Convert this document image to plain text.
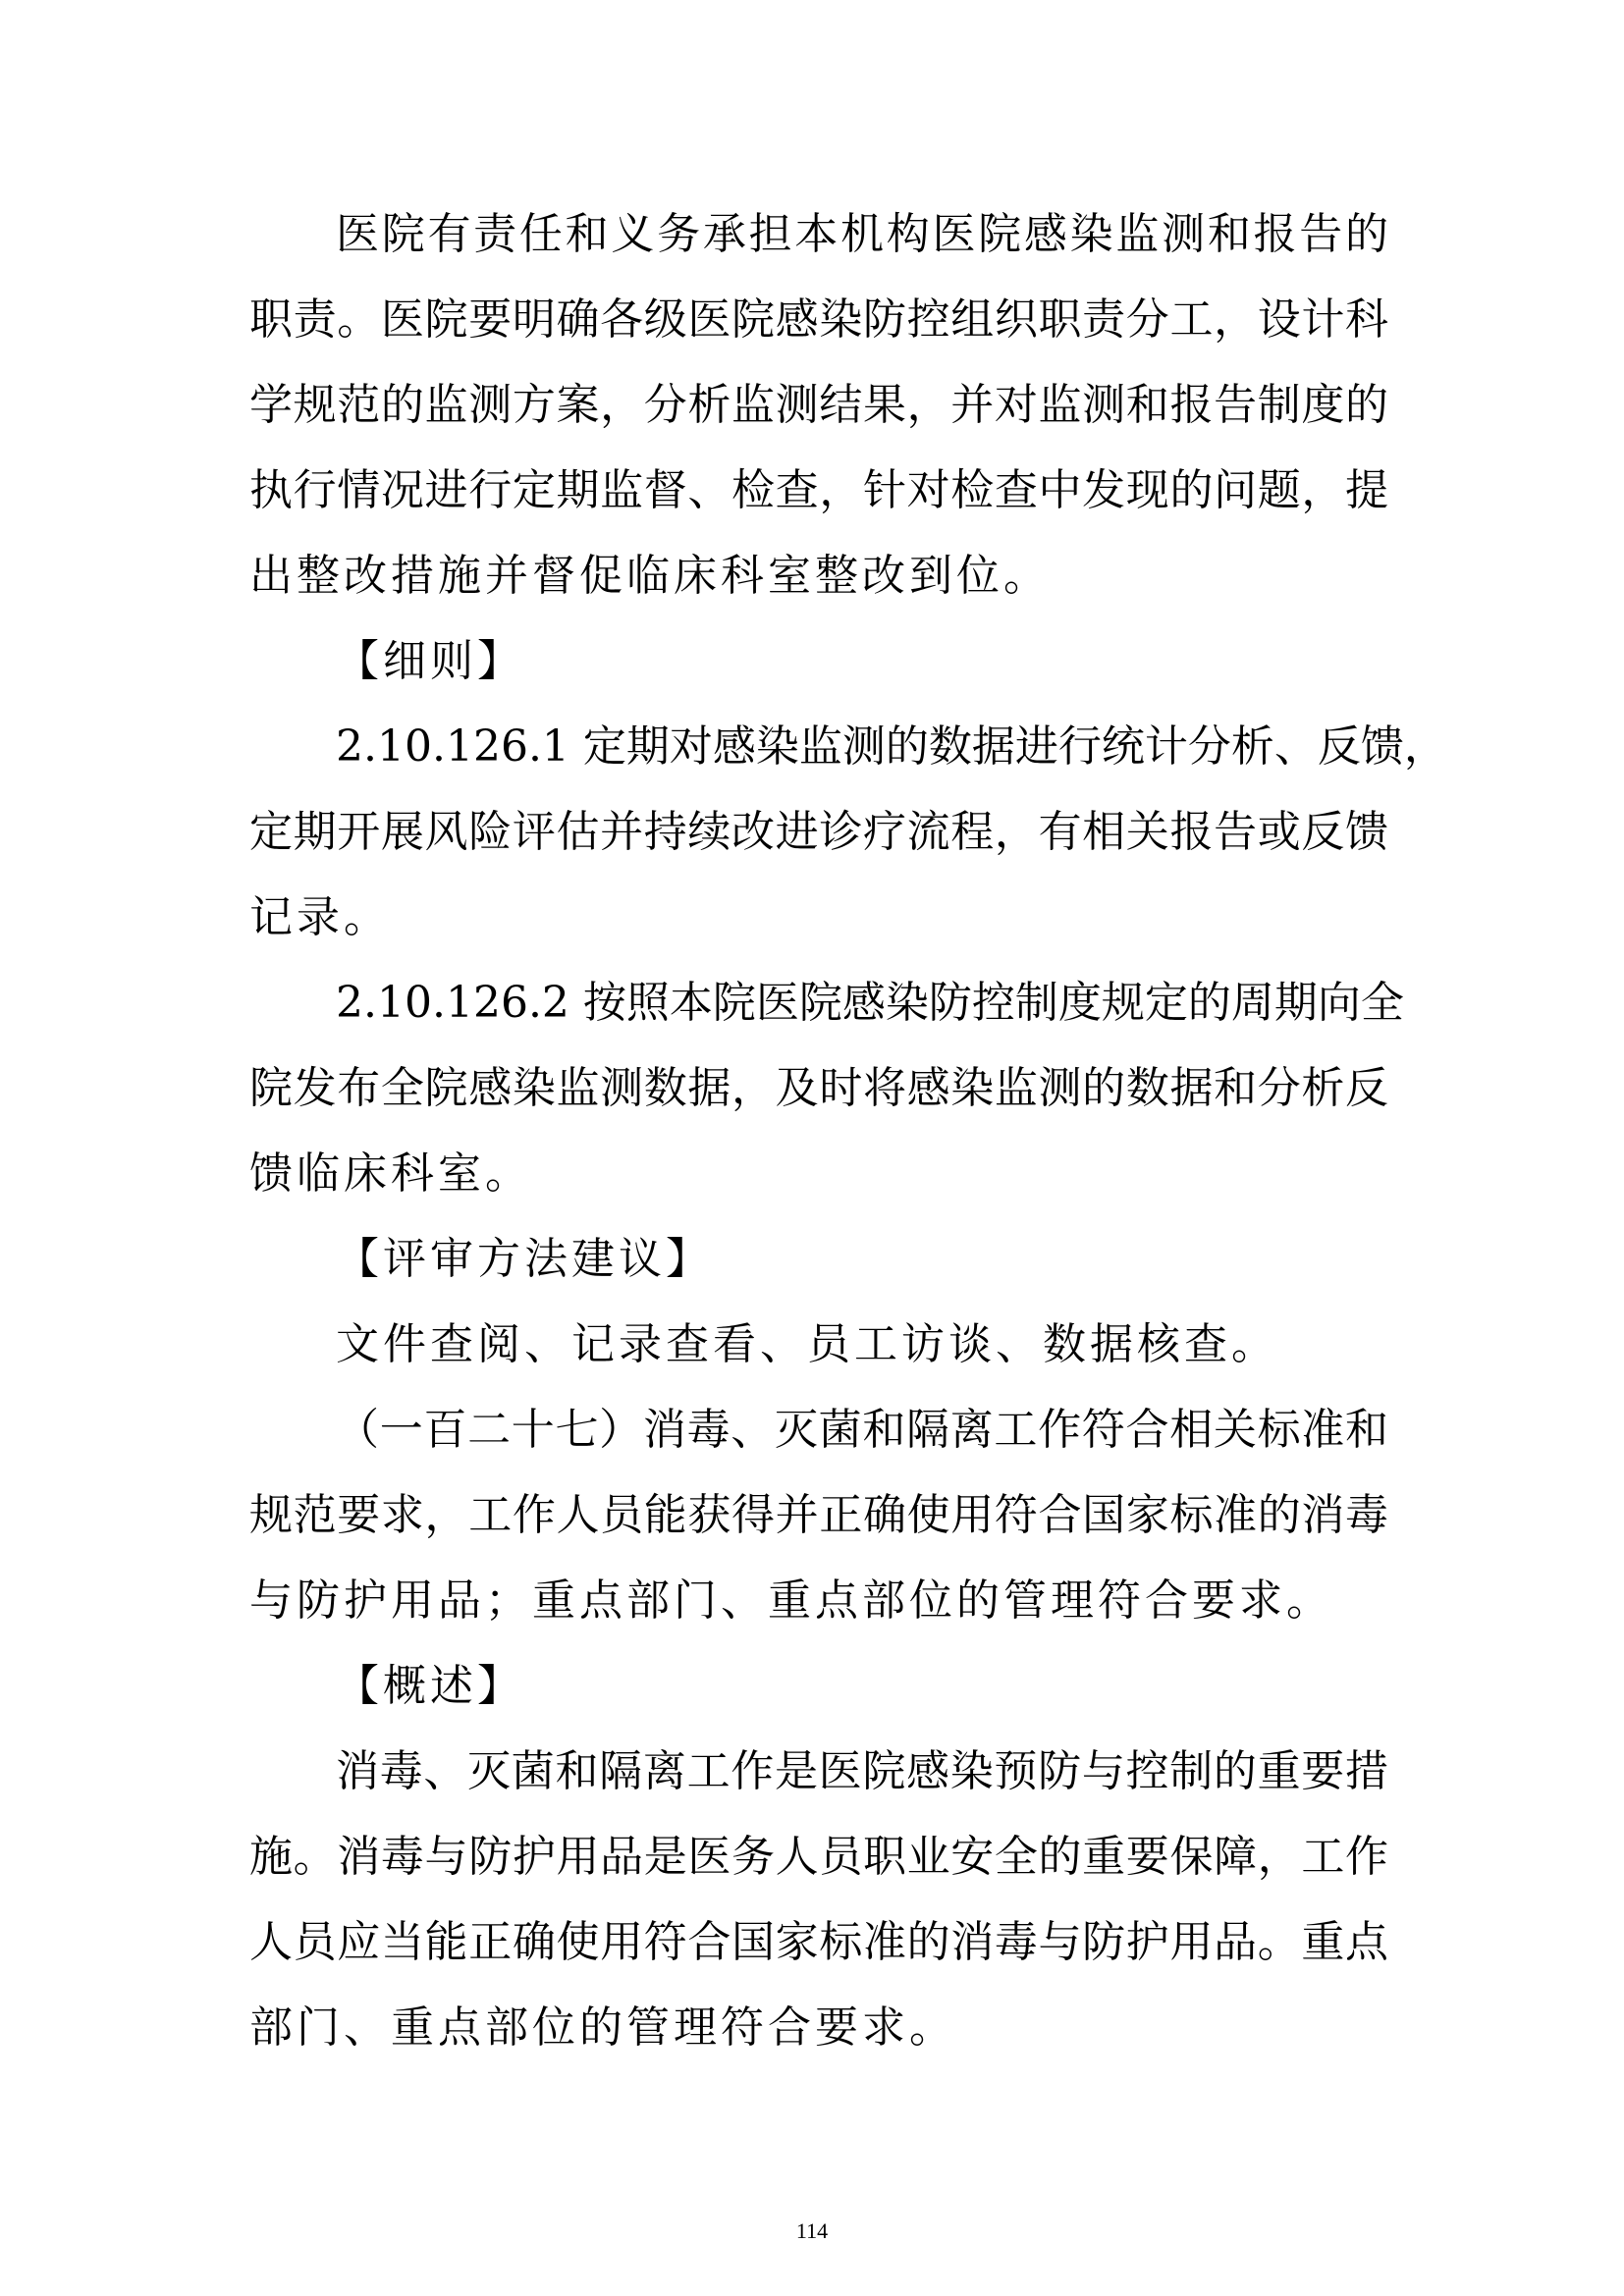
医院有责任和义务承担本机构医院感染监测和报告的
职责。医院要明确各级医院感染防控组织职责分工，设计科
学规范的监测方案，分析监测结果，并对监测和报告制度的
执行情况进行定期监督、检查，针对检查中发现的问题，提
出整改措施并督促临床科室整改到位。
【细则】
2.10.126.1 定期对感染监测的数据进行统计分析、反馈，
定期开展风险评估并持续改进诊疗流程，有相关报告或反馈
记录。
2.10.126.2 按照本院医院感染防控制度规定的周期向全
院发布全院感染监测数据，及时将感染监测的数据和分析反
馈临床科室。
【评审方法建议】
文件查阅、记录查看、员工访谈、数据核查。
（一百二十七）消毒、灭菌和隔离工作符合相关标准和
规范要求，工作人员能获得并正确使用符合国家标准的消毒
与防护用品；重点部门、重点部位的管理符合要求。
【概述】
消毒、灭菌和隔离工作是医院感染预防与控制的重要措
施。消毒与防护用品是医务人员职业安全的重要保障，工作
人员应当能正确使用符合国家标准的消毒与防护用品。重点
部门、重点部位的管理符合要求。
114
